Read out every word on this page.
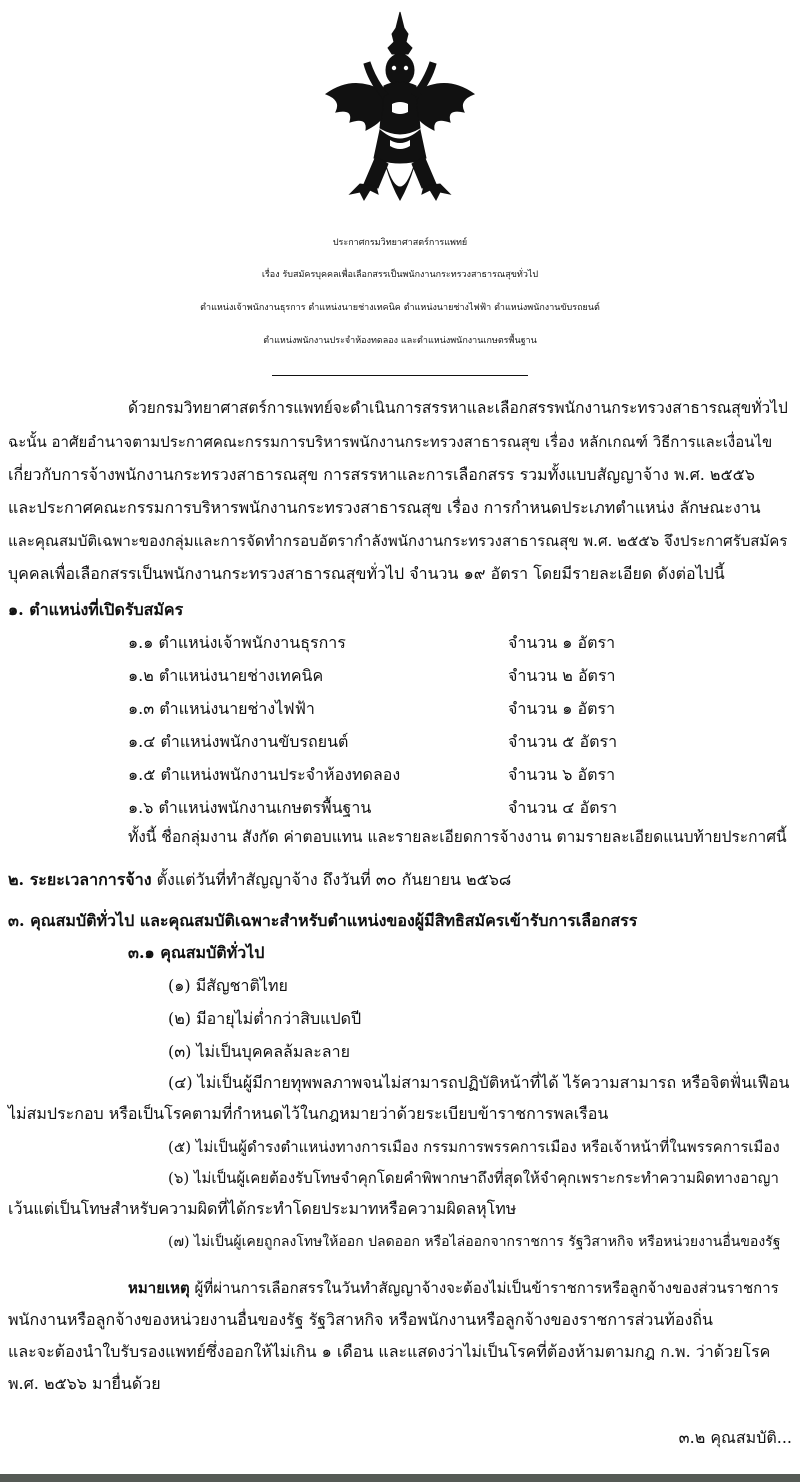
ประกาศกรมวิทยาศาสตร์การแพทย์
เรื่อง รับสมัครบุคคลเพื่อเลือกสรรเป็นพนักงานกระทรวงสาธารณสุขทั่วไป
ตำแหน่งเจ้าพนักงานธุรการ ตำแหน่งนายช่างเทคนิค ตำแหน่งนายช่างไฟฟ้า ตำแหน่งพนักงานขับรถยนต์
ตำแหน่งพนักงานประจำห้องทดลอง และตำแหน่งพนักงานเกษตรพื้นฐาน
ด้วยกรมวิทยาศาสตร์การแพทย์จะดำเนินการสรรหาและเลือกสรรพนักงานกระทรวงสาธารณสุขทั่วไป
ฉะนั้น อาศัยอำนาจตามประกาศคณะกรรมการบริหารพนักงานกระทรวงสาธารณสุข เรื่อง หลักเกณฑ์ วิธีการและเงื่อนไข
เกี่ยวกับการจ้างพนักงานกระทรวงสาธารณสุข การสรรหาและการเลือกสรร รวมทั้งแบบสัญญาจ้าง พ.ศ. ๒๕๕๖
และประกาศคณะกรรมการบริหารพนักงานกระทรวงสาธารณสุข เรื่อง การกำหนดประเภทตำแหน่ง ลักษณะงาน
และคุณสมบัติเฉพาะของกลุ่มและการจัดทำกรอบอัตรากำลังพนักงานกระทรวงสาธารณสุข พ.ศ. ๒๕๕๖ จึงประกาศรับสมัคร
บุคคลเพื่อเลือกสรรเป็นพนักงานกระทรวงสาธารณสุขทั่วไป จำนวน ๑๙ อัตรา โดยมีรายละเอียด ดังต่อไปนี้
๑. ตำแหน่งที่เปิดรับสมัคร
๑.๑ ตำแหน่งเจ้าพนักงานธุรการ	จำนวน ๑ อัตรา
๑.๒ ตำแหน่งนายช่างเทคนิค	จำนวน ๒ อัตรา
๑.๓ ตำแหน่งนายช่างไฟฟ้า	จำนวน ๑ อัตรา
๑.๔ ตำแหน่งพนักงานขับรถยนต์	จำนวน ๕ อัตรา
๑.๕ ตำแหน่งพนักงานประจำห้องทดลอง	จำนวน ๖ อัตรา
๑.๖ ตำแหน่งพนักงานเกษตรพื้นฐาน	จำนวน ๔ อัตรา
ทั้งนี้ ชื่อกลุ่มงาน สังกัด ค่าตอบแทน และรายละเอียดการจ้างงาน ตามรายละเอียดแนบท้ายประกาศนี้
๒. ระยะเวลาการจ้าง ตั้งแต่วันที่ทำสัญญาจ้าง ถึงวันที่ ๓๐ กันยายน ๒๕๖๘
๓. คุณสมบัติทั่วไป และคุณสมบัติเฉพาะสำหรับตำแหน่งของผู้มีสิทธิสมัครเข้ารับการเลือกสรร
๓.๑ คุณสมบัติทั่วไป
(๑) มีสัญชาติไทย
(๒) มีอายุไม่ต่ำกว่าสิบแปดปี
(๓) ไม่เป็นบุคคลล้มละลาย
(๔) ไม่เป็นผู้มีกายทุพพลภาพจนไม่สามารถปฏิบัติหน้าที่ได้ ไร้ความสามารถ หรือจิตฟั่นเฟือน
ไม่สมประกอบ หรือเป็นโรคตามที่กำหนดไว้ในกฎหมายว่าด้วยระเบียบข้าราชการพลเรือน
(๕) ไม่เป็นผู้ดำรงตำแหน่งทางการเมือง กรรมการพรรคการเมือง หรือเจ้าหน้าที่ในพรรคการเมือง
(๖) ไม่เป็นผู้เคยต้องรับโทษจำคุกโดยคำพิพากษาถึงที่สุดให้จำคุกเพราะกระทำความผิดทางอาญา
เว้นแต่เป็นโทษสำหรับความผิดที่ได้กระทำโดยประมาทหรือความผิดลหุโทษ
(๗) ไม่เป็นผู้เคยถูกลงโทษให้ออก ปลดออก หรือไล่ออกจากราชการ รัฐวิสาหกิจ หรือหน่วยงานอื่นของรัฐ
หมายเหตุ ผู้ที่ผ่านการเลือกสรรในวันทำสัญญาจ้างจะต้องไม่เป็นข้าราชการหรือลูกจ้างของส่วนราชการ
พนักงานหรือลูกจ้างของหน่วยงานอื่นของรัฐ รัฐวิสาหกิจ หรือพนักงานหรือลูกจ้างของราชการส่วนท้องถิ่น
และจะต้องนำใบรับรองแพทย์ซึ่งออกให้ไม่เกิน ๑ เดือน และแสดงว่าไม่เป็นโรคที่ต้องห้ามตามกฎ ก.พ. ว่าด้วยโรค
พ.ศ. ๒๕๖๖ มายื่นด้วย
๓.๒ คุณสมบัติ...
